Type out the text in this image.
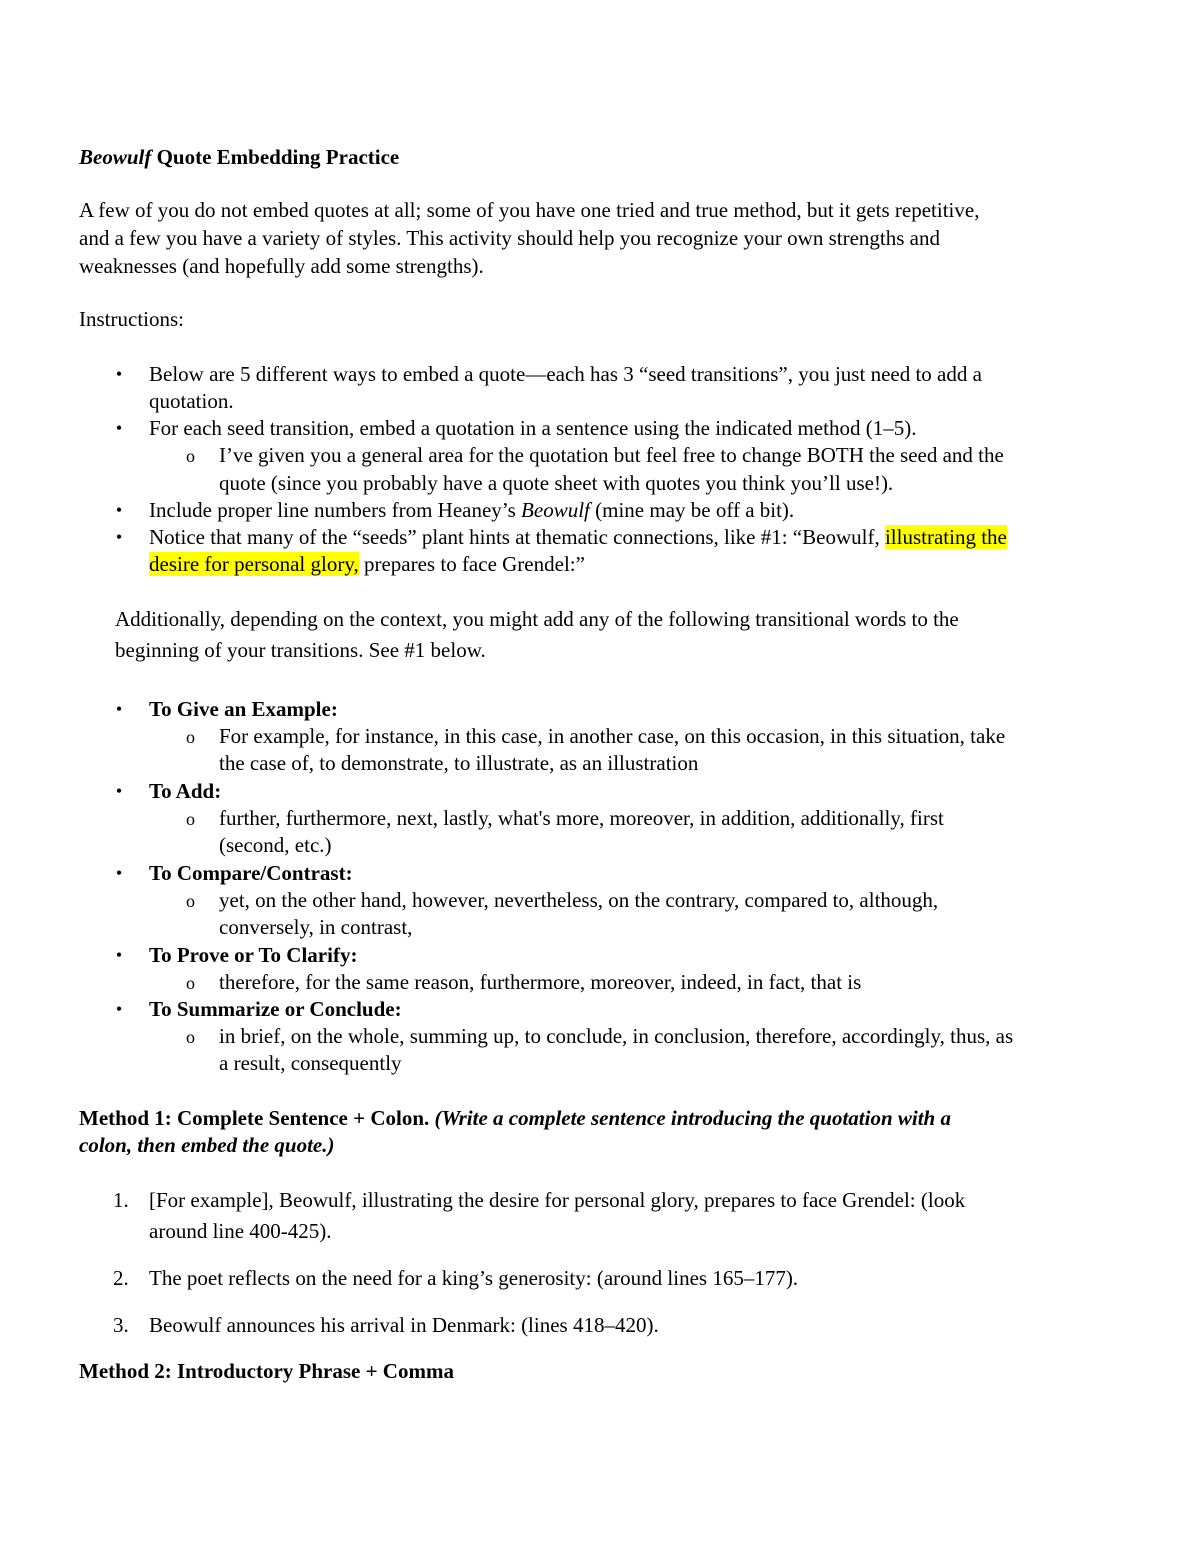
Beowulf Quote Embedding Practice

A few of you do not embed quotes at all; some of you have one tried and true method, but it gets repetitive,

and a few you have a variety of styles. This activity should help you recognize your own strengths and

weaknesses (and hopefully add some strengths).

Instructions:

•	Below are 5 different ways to embed a quote—each has 3 “seed transitions”, you just need to add a

quotation.

•	For each seed transition, embed a quotation in a sentence using the indicated method (1–5).

o I’ve given you a general area for the quotation but feel free to change BOTH the seed and the

quote (since you probably have a quote sheet with quotes you think you’ll use!).

•	Include proper line numbers from Heaney’s Beowulf (mine may be off a bit).

•	Notice that many of the “seeds” plant hints at thematic connections, like #1: “Beowulf, illustrating the

desire for personal glory, prepares to face Grendel:”

Additionally, depending on the context, you might add any of the following transitional words to the

beginning of your transitions. See #1 below.

•	To Give an Example:

o For example, for instance, in this case, in another case, on this occasion, in this situation, take

the case of, to demonstrate, to illustrate, as an illustration

•	To Add:

o further, furthermore, next, lastly, what's more, moreover, in addition, additionally, first

(second, etc.)

•	To Compare/Contrast:

o yet, on the other hand, however, nevertheless, on the contrary, compared to, although,

conversely, in contrast,

•	To Prove or To Clarify:

o therefore, for the same reason, furthermore, moreover, indeed, in fact, that is

•	To Summarize or Conclude:

o in brief, on the whole, summing up, to conclude, in conclusion, therefore, accordingly, thus, as

a result, consequently

Method 1: Complete Sentence + Colon. (Write a complete sentence introducing the quotation with a

colon, then embed the quote.)

1. [For example], Beowulf, illustrating the desire for personal glory, prepares to face Grendel: (look

around line 400-425).

2. The poet reflects on the need for a king’s generosity: (around lines 165–177).

3. Beowulf announces his arrival in Denmark: (lines 418–420).

Method 2: Introductory Phrase + Comma
